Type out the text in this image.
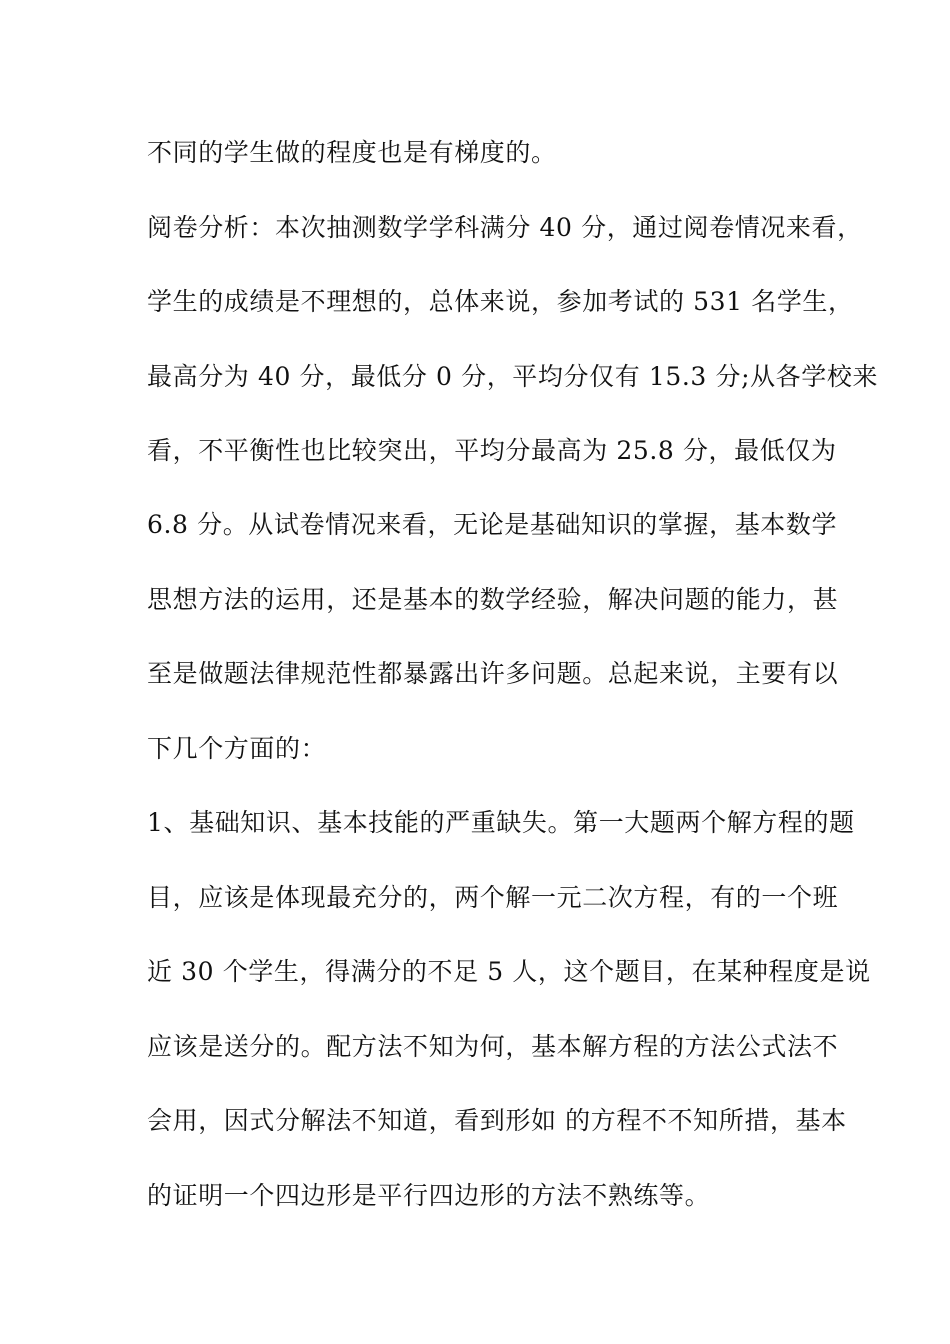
不同的学生做的程度也是有梯度的。
阅卷分析：本次抽测数学学科满分 40 分，通过阅卷情况来看，
学生的成绩是不理想的，总体来说，参加考试的 531 名学生，
最高分为 40 分，最低分 0 分，平均分仅有 15.3 分;从各学校来
看，不平衡性也比较突出，平均分最高为 25.8 分，最低仅为
6.8 分。从试卷情况来看，无论是基础知识的掌握，基本数学
思想方法的运用，还是基本的数学经验，解决问题的能力，甚
至是做题法律规范性都暴露出许多问题。总起来说，主要有以
下几个方面的：
1、基础知识、基本技能的严重缺失。第一大题两个解方程的题
目，应该是体现最充分的，两个解一元二次方程，有的一个班
近 30 个学生，得满分的不足 5 人，这个题目，在某种程度是说
应该是送分的。配方法不知为何，基本解方程的方法公式法不
会用，因式分解法不知道，看到形如 的方程不不知所措，基本
的证明一个四边形是平行四边形的方法不熟练等。
